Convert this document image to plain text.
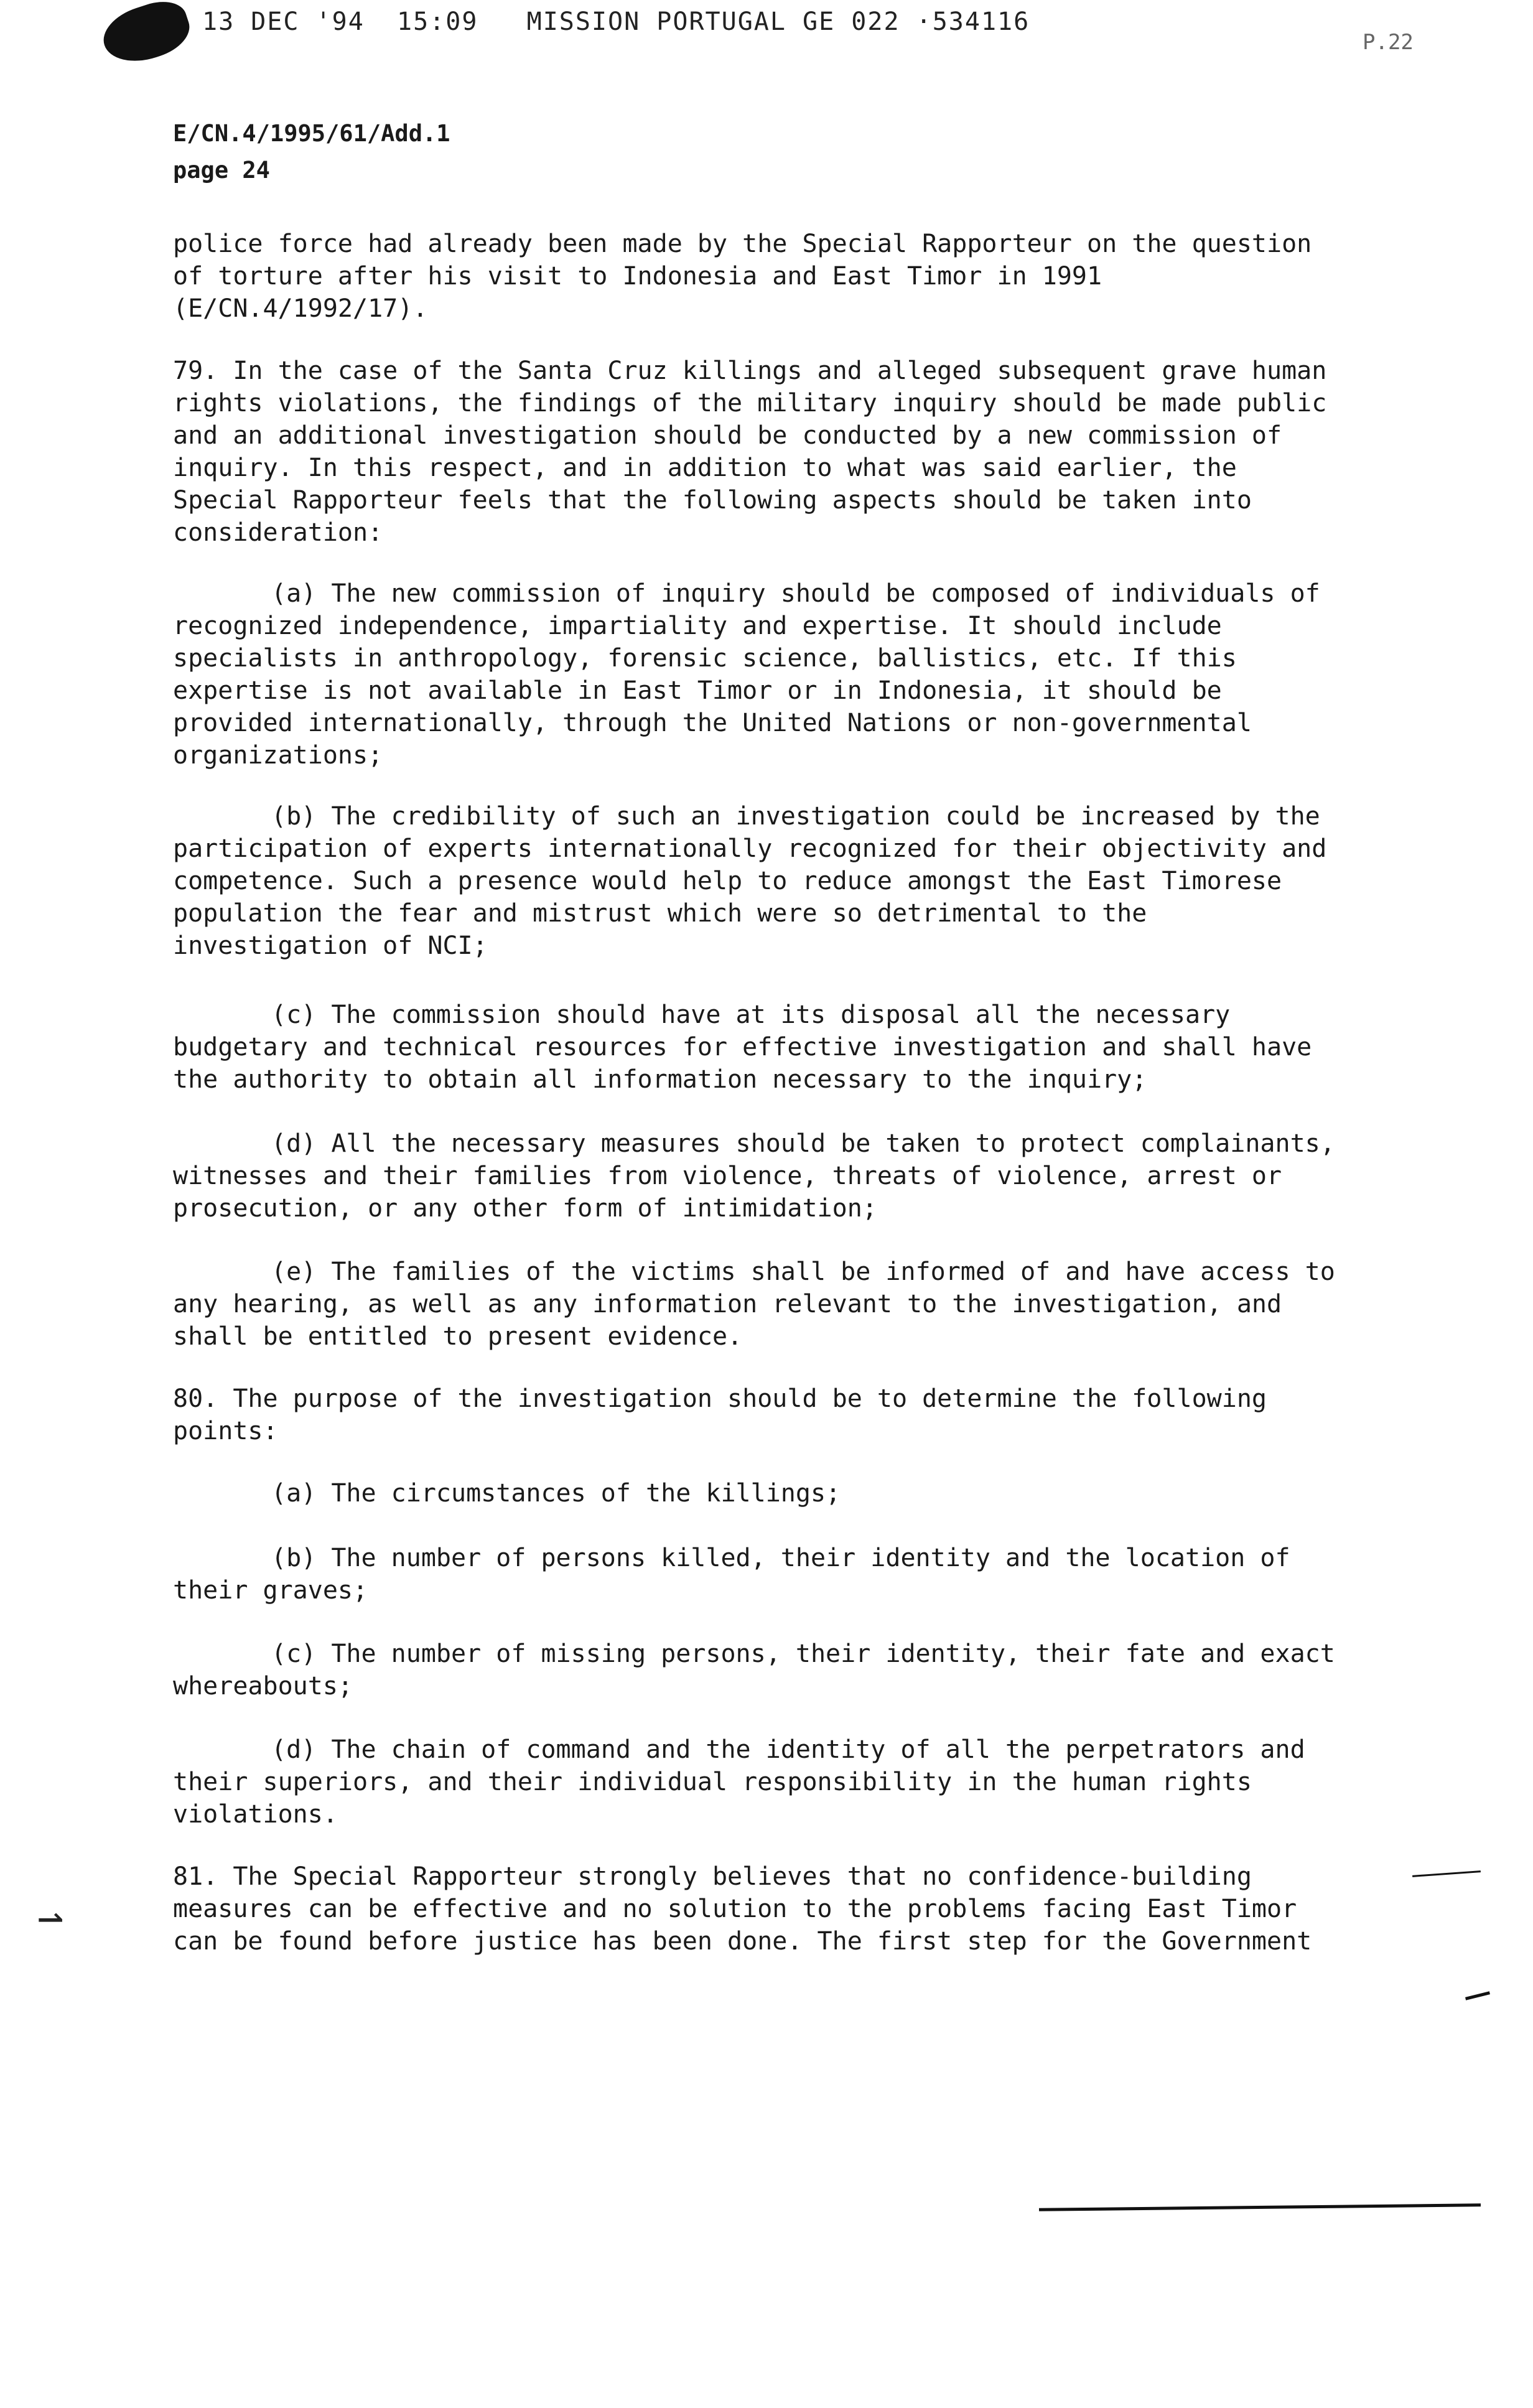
13 DEC '94  15:09   MISSION PORTUGAL GE 022 ·534116
P.22
E/CN.4/1995/61/Add.1
page 24
police force had already been made by the Special Rapporteur on the question
of torture after his visit to Indonesia and East Timor in 1991
(E/CN.4/1992/17).
79. In the case of the Santa Cruz killings and alleged subsequent grave human
rights violations, the findings of the military inquiry should be made public
and an additional investigation should be conducted by a new commission of
inquiry. In this respect, and in addition to what was said earlier, the
Special Rapporteur feels that the following aspects should be taken into
consideration:
(a) The new commission of inquiry should be composed of individuals of
recognized independence, impartiality and expertise. It should include
specialists in anthropology, forensic science, ballistics, etc. If this
expertise is not available in East Timor or in Indonesia, it should be
provided internationally, through the United Nations or non-governmental
organizations;
(b) The credibility of such an investigation could be increased by the
participation of experts internationally recognized for their objectivity and
competence. Such a presence would help to reduce amongst the East Timorese
population the fear and mistrust which were so detrimental to the
investigation of NCI;
(c) The commission should have at its disposal all the necessary
budgetary and technical resources for effective investigation and shall have
the authority to obtain all information necessary to the inquiry;
(d) All the necessary measures should be taken to protect complainants,
witnesses and their families from violence, threats of violence, arrest or
prosecution, or any other form of intimidation;
(e) The families of the victims shall be informed of and have access to
any hearing, as well as any information relevant to the investigation, and
shall be entitled to present evidence.
80. The purpose of the investigation should be to determine the following
points:
(a) The circumstances of the killings;
(b) The number of persons killed, their identity and the location of
their graves;
(c) The number of missing persons, their identity, their fate and exact
whereabouts;
(d) The chain of command and the identity of all the perpetrators and
their superiors, and their individual responsibility in the human rights
violations.
81. The Special Rapporteur strongly believes that no confidence-building
measures can be effective and no solution to the problems facing East Timor
can be found before justice has been done. The first step for the Government
⇀
